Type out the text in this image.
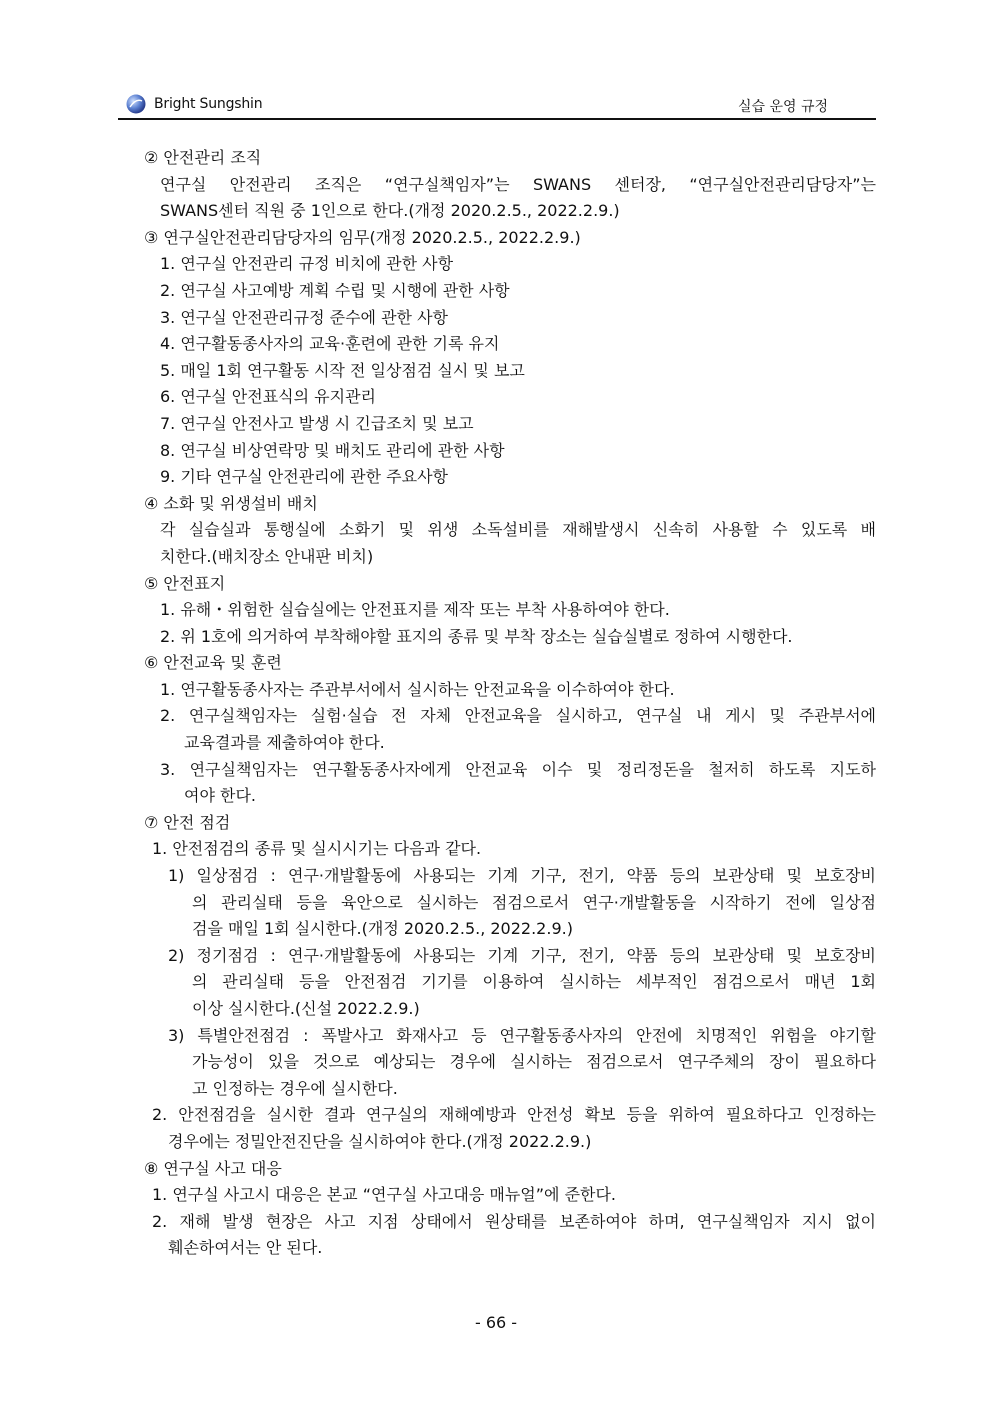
Bright Sungshin	실습 운영 규정
② 안전관리 조직
연구실 안전관리 조직은 “연구실책임자”는 SWANS 센터장, “연구실안전관리담당자”는
SWANS센터 직원 중 1인으로 한다.(개정 2020.2.5., 2022.2.9.)
③ 연구실안전관리담당자의 임무(개정 2020.2.5., 2022.2.9.)
1. 연구실 안전관리 규정 비치에 관한 사항
2. 연구실 사고예방 계획 수립 및 시행에 관한 사항
3. 연구실 안전관리규정 준수에 관한 사항
4. 연구활동종사자의 교육·훈련에 관한 기록 유지
5. 매일 1회 연구활동 시작 전 일상점검 실시 및 보고
6. 연구실 안전표식의 유지관리
7. 연구실 안전사고 발생 시 긴급조치 및 보고
8. 연구실 비상연락망 및 배치도 관리에 관한 사항
9. 기타 연구실 안전관리에 관한 주요사항
④ 소화 및 위생설비 배치
각 실습실과 통행실에 소화기 및 위생 소독설비를 재해발생시 신속히 사용할 수 있도록 배
치한다.(배치장소 안내판 비치)
⑤ 안전표지
1. 유해・위험한 실습실에는 안전표지를 제작 또는 부착 사용하여야 한다.
2. 위 1호에 의거하여 부착해야할 표지의 종류 및 부착 장소는 실습실별로 정하여 시행한다.
⑥ 안전교육 및 훈련
1. 연구활동종사자는 주관부서에서 실시하는 안전교육을 이수하여야 한다.
2. 연구실책임자는 실험·실습 전 자체 안전교육을 실시하고, 연구실 내 게시 및 주관부서에
교육결과를 제출하여야 한다.
3. 연구실책임자는 연구활동종사자에게 안전교육 이수 및 정리정돈을 철저히 하도록 지도하
여야 한다.
⑦ 안전 점검
1. 안전점검의 종류 및 실시시기는 다음과 같다.
1) 일상점검 : 연구·개발활동에 사용되는 기계 기구, 전기, 약품 등의 보관상태 및 보호장비
의 관리실태 등을 육안으로 실시하는 점검으로서 연구·개발활동을 시작하기 전에 일상점
검을 매일 1회 실시한다.(개정 2020.2.5., 2022.2.9.)
2) 정기점검 : 연구·개발활동에 사용되는 기계 기구, 전기, 약품 등의 보관상태 및 보호장비
의 관리실태 등을 안전점검 기기를 이용하여 실시하는 세부적인 점검으로서 매년 1회
이상 실시한다.(신설 2022.2.9.)
3) 특별안전점검 : 폭발사고 화재사고 등 연구활동종사자의 안전에 치명적인 위험을 야기할
가능성이 있을 것으로 예상되는 경우에 실시하는 점검으로서 연구주체의 장이 필요하다
고 인정하는 경우에 실시한다.
2. 안전점검을 실시한 결과 연구실의 재해예방과 안전성 확보 등을 위하여 필요하다고 인정하는
경우에는 정밀안전진단을 실시하여야 한다.(개정 2022.2.9.)
⑧ 연구실 사고 대응
1. 연구실 사고시 대응은 본교 “연구실 사고대응 매뉴얼”에 준한다.
2. 재해 발생 현장은 사고 지점 상태에서 원상태를 보존하여야 하며, 연구실책임자 지시 없이
훼손하여서는 안 된다.
- 66 -
